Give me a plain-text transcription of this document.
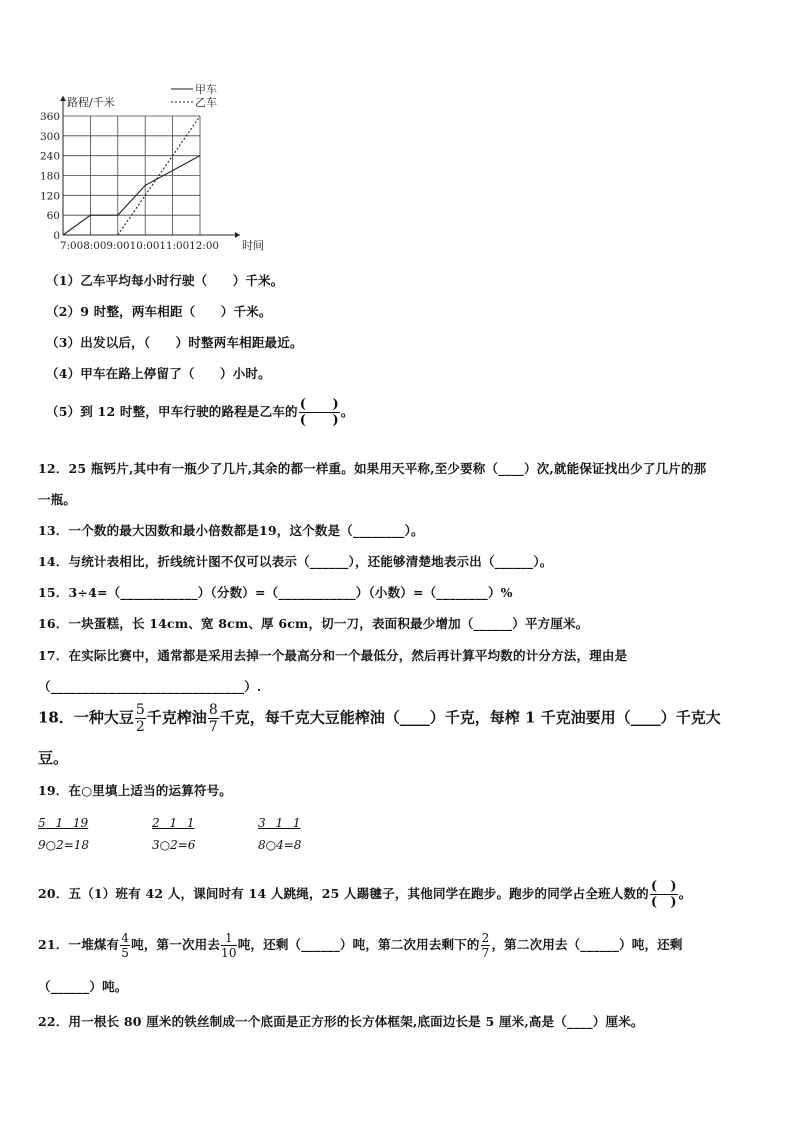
360
300
240
180
120
60
0
7:008:009:0010:0011:0012:00
路程/千米
时间
甲车
乙车
（1）乙车平均每小时行驶（　　）千米。
（2）9 时整，两车相距（　　）千米。
（3）出发以后，（　　）时整两车相距最近。
（4）甲车在路上停留了（　　）小时。
（5）到 12 时整，甲车行驶的路程是乙车的 $\frac{( )}{( )}$ 。
12．25 瓶钙片,其中有一瓶少了几片,其余的都一样重。如果用天平称,至少要称（____）次,就能保证找出少了几片的那
一瓶。
13．一个数的最大因数和最小倍数都是19，这个数是（________）。
14．与统计表相比，折线统计图不仅可以表示（______），还能够清楚地表示出（______）。
15．3÷4=（____________）（分数）=（____________）（小数）=（________）%
16．一块蛋糕，长 14cm、宽 8cm、厚 6cm，切一刀，表面积最少增加（______）平方厘米。
17．在实际比赛中，通常都是采用去掉一个最高分和一个最低分，然后再计算平均数的计分方法，理由是
（______________________________）.
18．一种大豆 $\frac{5}{2}$ 千克榨油 $\frac{8}{7}$ 千克，每千克大豆能榨油（____）千克，每榨 1 千克油要用（____）千克大
豆。
19．在○里填上适当的运算符号。
5 1 19
9○2=18
2 1 1
3○2=6
3 1 1
8○4=8
20．五（1）班有 42 人，课间时有 14 人跳绳，25 人踢毽子，其他同学在跑步。跑步的同学占全班人数的 $\frac{( )}{( )}$ 。
21．一堆煤有 $\frac{4}{5}$ 吨，第一次用去 $\frac{1}{10}$ 吨，还剩（______）吨，第二次用去剩下的 $\frac{2}{7}$ ，第二次用去（______）吨，还剩
（______）吨。
22．用一根长 80 厘米的铁丝制成一个底面是正方形的长方体框架,底面边长是 5 厘米,高是（____）厘米。
